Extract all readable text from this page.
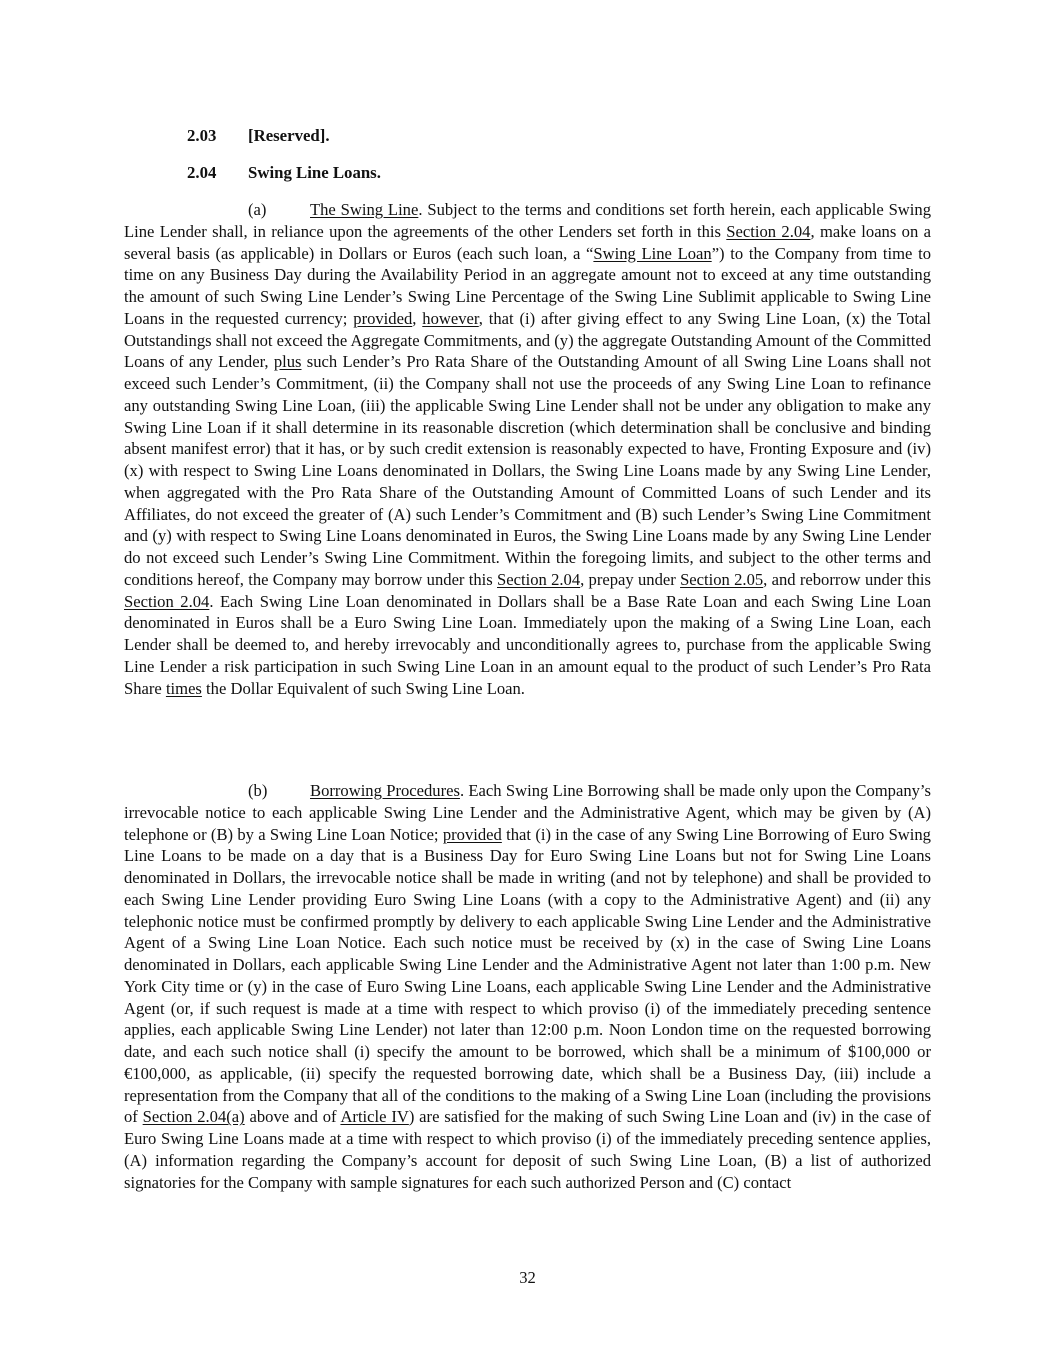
2.03 [Reserved].
2.04 Swing Line Loans.

(a)	The Swing Line. Subject to the terms and conditions set forth herein, each applicable Swing Line Lender shall, in reliance upon the agreements of the other Lenders set forth in this Section 2.04, make loans on a several basis (as applicable) in Dollars or Euros (each such loan, a “Swing Line Loan”) to the Company from time to time on any Business Day during the Availability Period in an aggregate amount not to exceed at any time outstanding the amount of such Swing Line Lender’s Swing Line Percentage of the Swing Line Sublimit applicable to Swing Line Loans in the requested currency; provided, however, that (i) after giving effect to any Swing Line Loan, (x) the Total Outstandings shall not exceed the Aggregate Commitments, and (y) the aggregate Outstanding Amount of the Committed Loans of any Lender, plus such Lender’s Pro Rata Share of the Outstanding Amount of all Swing Line Loans shall not exceed such Lender’s Commitment, (ii) the Company shall not use the proceeds of any Swing Line Loan to refinance any outstanding Swing Line Loan, (iii) the applicable Swing Line Lender shall not be under any obligation to make any Swing Line Loan if it shall determine in its reasonable discretion (which determination shall be conclusive and binding absent manifest error) that it has, or by such credit extension is reasonably expected to have, Fronting Exposure and (iv)(x) with respect to Swing Line Loans denominated in Dollars, the Swing Line Loans made by any Swing Line Lender, when aggregated with the Pro Rata Share of the Outstanding Amount of Committed Loans of such Lender and its Affiliates, do not exceed the greater of (A) such Lender’s Commitment and (B) such Lender’s Swing Line Commitment and (y) with respect to Swing Line Loans denominated in Euros, the Swing Line Loans made by any Swing Line Lender do not exceed such Lender’s Swing Line Commitment. Within the foregoing limits, and subject to the other terms and conditions hereof, the Company may borrow under this Section 2.04, prepay under Section 2.05, and reborrow under this Section 2.04. Each Swing Line Loan denominated in Dollars shall be a Base Rate Loan and each Swing Line Loan denominated in Euros shall be a Euro Swing Line Loan. Immediately upon the making of a Swing Line Loan, each Lender shall be deemed to, and hereby irrevocably and unconditionally agrees to, purchase from the applicable Swing Line Lender a risk participation in such Swing Line Loan in an amount equal to the product of such Lender’s Pro Rata Share times the Dollar Equivalent of such Swing Line Loan.

(b)	Borrowing Procedures. Each Swing Line Borrowing shall be made only upon the Company’s irrevocable notice to each applicable Swing Line Lender and the Administrative Agent, which may be given by (A) telephone or (B) by a Swing Line Loan Notice; provided that (i) in the case of any Swing Line Borrowing of Euro Swing Line Loans to be made on a day that is a Business Day for Euro Swing Line Loans but not for Swing Line Loans denominated in Dollars, the irrevocable notice shall be made in writing (and not by telephone) and shall be provided to each Swing Line Lender providing Euro Swing Line Loans (with a copy to the Administrative Agent) and (ii) any telephonic notice must be confirmed promptly by delivery to each applicable Swing Line Lender and the Administrative Agent of a Swing Line Loan Notice. Each such notice must be received by (x) in the case of Swing Line Loans denominated in Dollars, each applicable Swing Line Lender and the Administrative Agent not later than 1:00 p.m. New York City time or (y) in the case of Euro Swing Line Loans, each applicable Swing Line Lender and the Administrative Agent (or, if such request is made at a time with respect to which proviso (i) of the immediately preceding sentence applies, each applicable Swing Line Lender) not later than 12:00 p.m. Noon London time on the requested borrowing date, and each such notice shall (i) specify the amount to be borrowed, which shall be a minimum of $100,000 or €100,000, as applicable, (ii) specify the requested borrowing date, which shall be a Business Day, (iii) include a representation from the Company that all of the conditions to the making of a Swing Line Loan (including the provisions of Section 2.04(a) above and of Article IV) are satisfied for the making of such Swing Line Loan and (iv) in the case of Euro Swing Line Loans made at a time with respect to which proviso (i) of the immediately preceding sentence applies, (A) information regarding the Company’s account for deposit of such Swing Line Loan, (B) a list of authorized signatories for the Company with sample signatures for each such authorized Person and (C) contact

32
